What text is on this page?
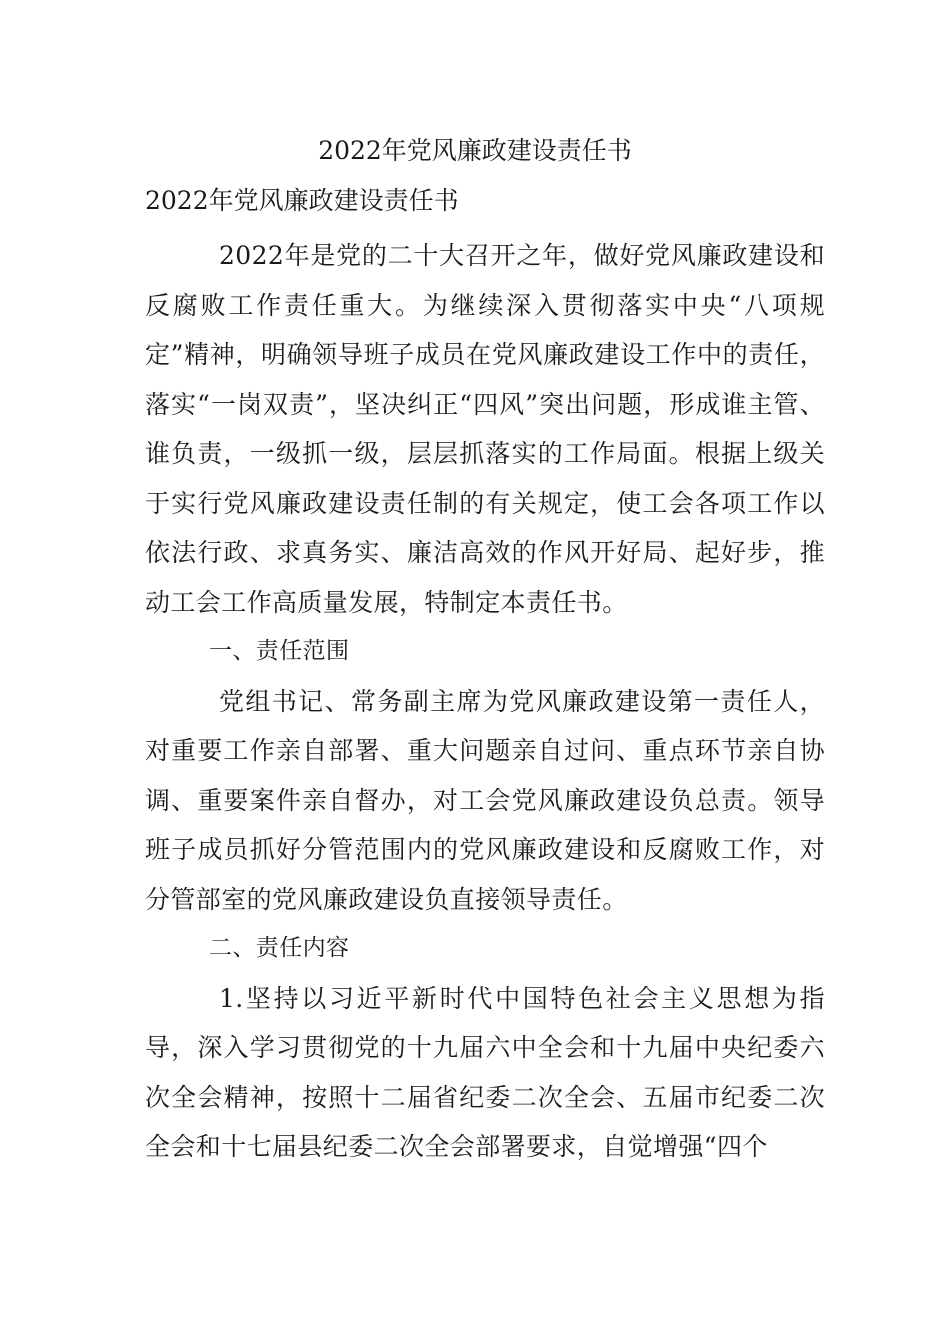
2022年党风廉政建设责任书
2022年党风廉政建设责任书

2022年是党的二十大召开之年，做好党风廉政建设和反腐败工作责任重大。为继续深入贯彻落实中央“八项规定”精神，明确领导班子成员在党风廉政建设工作中的责任，落实“一岗双责”，坚决纠正“四风”突出问题，形成谁主管、谁负责，一级抓一级，层层抓落实的工作局面。根据上级关于实行党风廉政建设责任制的有关规定，使工会各项工作以依法行政、求真务实、廉洁高效的作风开好局、起好步，推动工会工作高质量发展，特制定本责任书。

一、责任范围

党组书记、常务副主席为党风廉政建设第一责任人，对重要工作亲自部署、重大问题亲自过问、重点环节亲自协调、重要案件亲自督办，对工会党风廉政建设负总责。领导班子成员抓好分管范围内的党风廉政建设和反腐败工作，对分管部室的党风廉政建设负直接领导责任。

二、责任内容

1.坚持以习近平新时代中国特色社会主义思想为指导，深入学习贯彻党的十九届六中全会和十九届中央纪委六次全会精神，按照十二届省纪委二次全会、五届市纪委二次全会和十七届县纪委二次全会部署要求，自觉增强“四个
